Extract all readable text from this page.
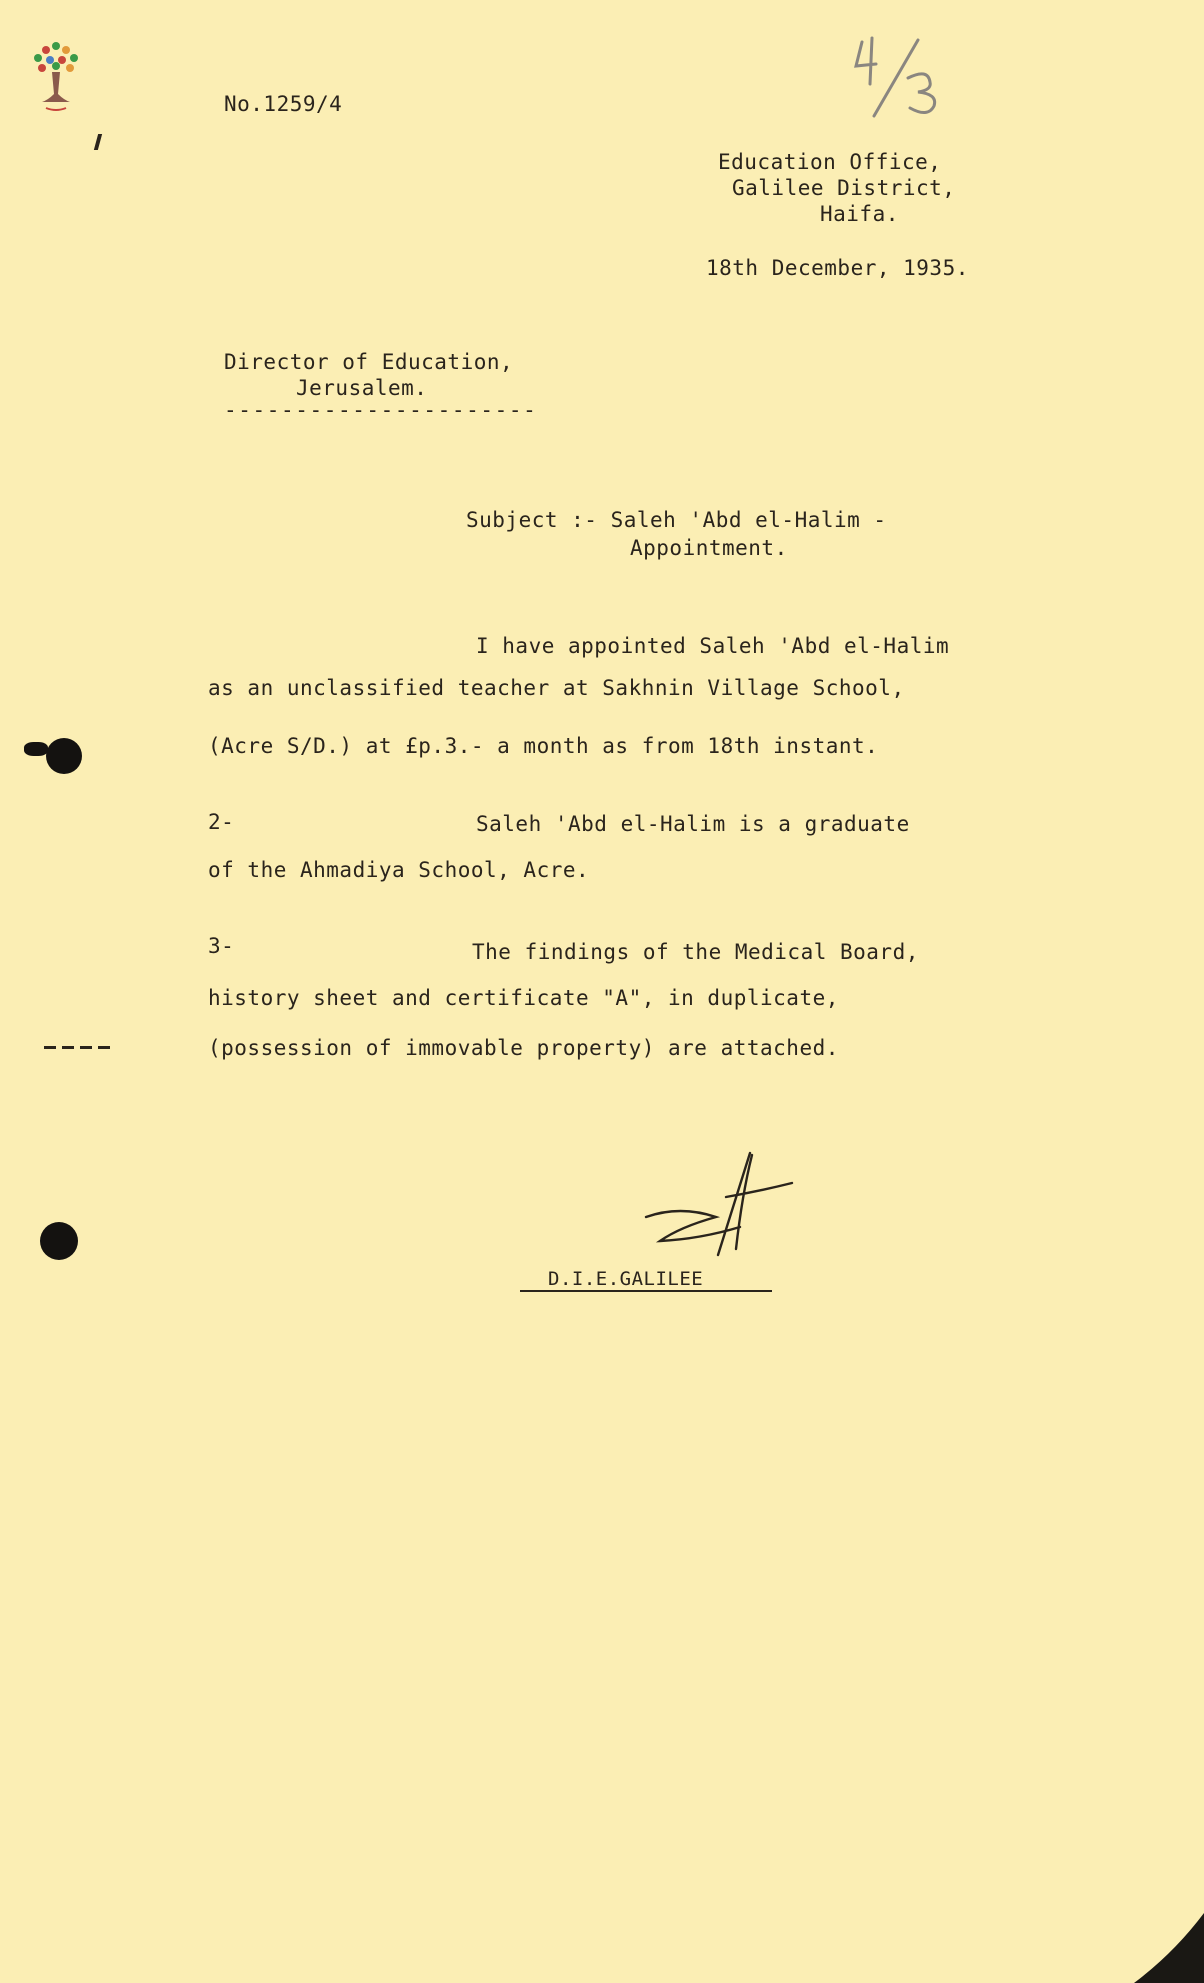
No.1259/4
Education Office,
Galilee District,
Haifa.
18th December, 1935.
Director of Education,
Jerusalem.
----------------------
Subject :- Saleh 'Abd el-Halim -
Appointment.
I have appointed Saleh 'Abd el-Halim
as an unclassified teacher at Sakhnin Village School,
(Acre S/D.) at £p.3.- a month as from 18th instant.
2-	Saleh 'Abd el-Halim is a graduate
of the Ahmadiya School, Acre.
3-	The findings of the Medical Board,
history sheet and certificate "A", in duplicate,
(possession of immovable property) are attached.
D.I.E.GALILEE
